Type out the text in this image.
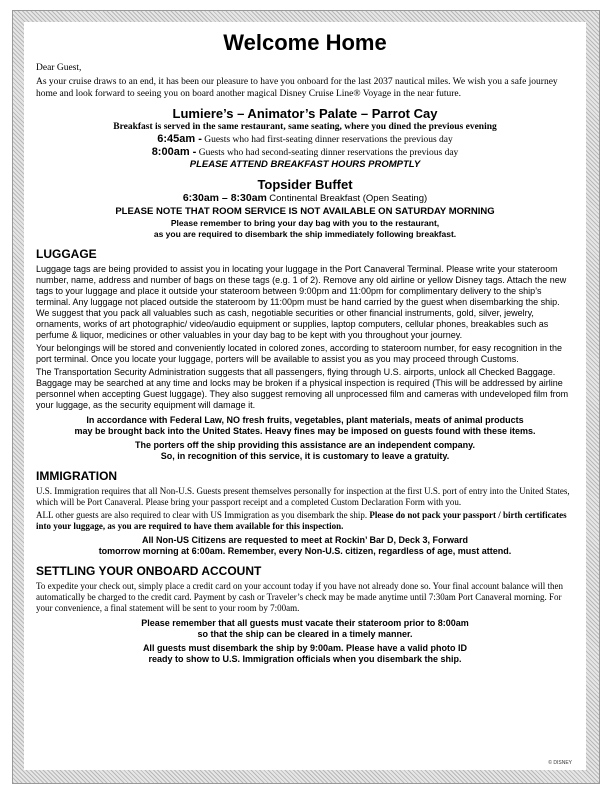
Welcome Home

Dear Guest,

As your cruise draws to an end, it has been our pleasure to have you onboard for the last 2037 nautical miles. We wish you a safe journey home and look forward to seeing you on board another magical Disney Cruise Line® Voyage in the near future.

Lumiere’s – Animator’s Palate – Parrot Cay

Breakfast is served in the same restaurant, same seating, where you dined the previous evening

6:45am - Guests who had first-seating dinner reservations the previous day

8:00am - Guests who had second-seating dinner reservations the previous day

PLEASE ATTEND BREAKFAST HOURS PROMPTLY

Topsider Buffet

6:30am – 8:30am Continental Breakfast (Open Seating)

PLEASE NOTE THAT ROOM SERVICE IS NOT AVAILABLE ON SATURDAY MORNING

Please remember to bring your day bag with you to the restaurant,

as you are required to disembark the ship immediately following breakfast.

LUGGAGE

Luggage tags are being provided to assist you in locating your luggage in the Port Canaveral Terminal. Please write your stateroom number, name, address and number of bags on these tags (e.g. 1 of 2). Remove any old airline or yellow Disney tags. Attach the new tags to your luggage and place it outside your stateroom between 9:00pm and 11:00pm for complimentary delivery to the ship’s terminal. Any luggage not placed outside the stateroom by 11:00pm must be hand carried by the guest when disembarking the ship. We suggest that you pack all valuables such as cash, negotiable securities or other financial instruments, gold, silver, jewelry, ornaments, works of art photographic/ video/audio equipment or supplies, laptop computers, cellular phones, breakables such as perfume & liquor, medicines or other valuables in your day bag to be kept with you throughout your journey.

Your belongings will be stored and conveniently located in colored zones, according to stateroom number, for easy recognition in the port terminal. Once you locate your luggage, porters will be available to assist you as you may proceed through Customs.

The Transportation Security Administration suggests that all passengers, flying through U.S. airports, unlock all Checked Baggage. Baggage may be searched at any time and locks may be broken if a physical inspection is required (This will be addressed by airline personnel when accepting Guest luggage). They also suggest removing all unprocessed film and cameras with undeveloped film from your luggage, as the security equipment will damage it.

In accordance with Federal Law, NO fresh fruits, vegetables, plant materials, meats of animal products

may be brought back into the United States. Heavy fines may be imposed on guests found with these items.

The porters off the ship providing this assistance are an independent company.

So, in recognition of this service, it is customary to leave a gratuity.

IMMIGRATION

U.S. Immigration requires that all Non-U.S. Guests present themselves personally for inspection at the first U.S. port of entry into the United States, which will be Port Canaveral. Please bring your passport receipt and a completed Custom Declaration Form with you.

ALL other guests are also required to clear with US Immigration as you disembark the ship. Please do not pack your passport / birth certificates into your luggage, as you are required to have them available for this inspection.

All Non-US Citizens are requested to meet at Rockin’ Bar D, Deck 3, Forward

tomorrow morning at 6:00am. Remember, every Non-U.S. citizen, regardless of age, must attend.

SETTLING YOUR ONBOARD ACCOUNT

To expedite your check out, simply place a credit card on your account today if you have not already done so. Your final account balance will then automatically be charged to the credit card. Payment by cash or Traveler’s check may be made anytime until 7:30am Port Canaveral morning. For your convenience, a final statement will be sent to your room by 7:00am.

Please remember that all guests must vacate their stateroom prior to 8:00am

so that the ship can be cleared in a timely manner.

All guests must disembark the ship by 9:00am. Please have a valid photo ID

ready to show to U.S. Immigration officials when you disembark the ship.

© DISNEY
